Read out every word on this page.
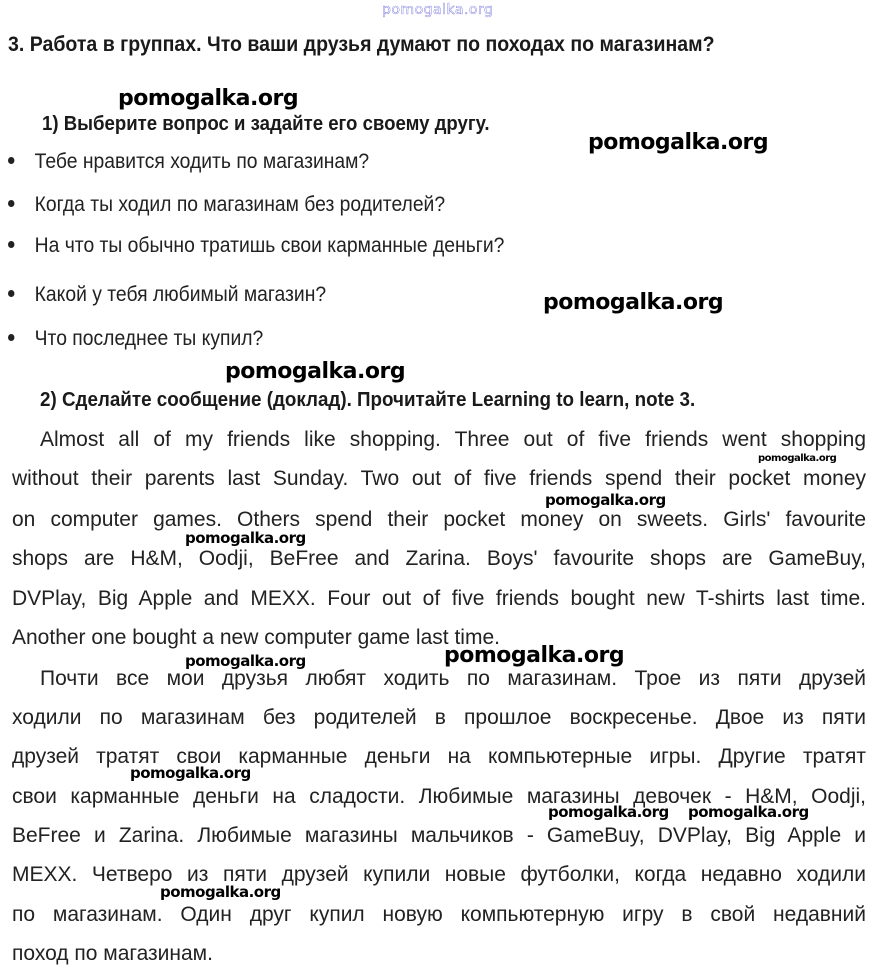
pomogalka.org
3. Работа в группах. Что ваши друзья думают по походах по магазинам?
pomogalka.org
pomogalka.org
pomogalka.org
pomogalka.org
pomogalka.org
pomogalka.org
pomogalka.org
pomogalka.org
pomogalka.org
pomogalka.org
pomogalka.org pomogalka.org
pomogalka.org
1) Выберите вопрос и задайте его своему другу.
Тебе нравится ходить по магазинам?
Когда ты ходил по магазинам без родителей?
На что ты обычно тратишь свои карманные деньги?
Какой у тебя любимый магазин?
Что последнее ты купил?
2) Сделайте сообщение (доклад). Прочитайте Learning to learn, note 3.
Almost all of my friends like shopping. Three out of five friends went shopping
without their parents last Sunday. Two out of five friends spend their pocket money
on computer games. Others spend their pocket money on sweets. Girls' favourite
shops are H&M, Oodji, BeFree and Zarina. Boys' favourite shops are GameBuy,
DVPlay, Big Apple and MEXX. Four out of five friends bought new T-shirts last time.
Another one bought a new computer game last time.
Почти все мои друзья любят ходить по магазинам. Трое из пяти друзей
ходили по магазинам без родителей в прошлое воскресенье. Двое из пяти
друзей тратят свои карманные деньги на компьютерные игры. Другие тратят
свои карманные деньги на сладости. Любимые магазины девочек - H&M, Oodji,
BeFree и Zarina. Любимые магазины мальчиков - GameBuy, DVPlay, Big Apple и
MEXX. Четверо из пяти друзей купили новые футболки, когда недавно ходили
по магазинам. Один друг купил новую компьютерную игру в свой недавний
поход по магазинам.
